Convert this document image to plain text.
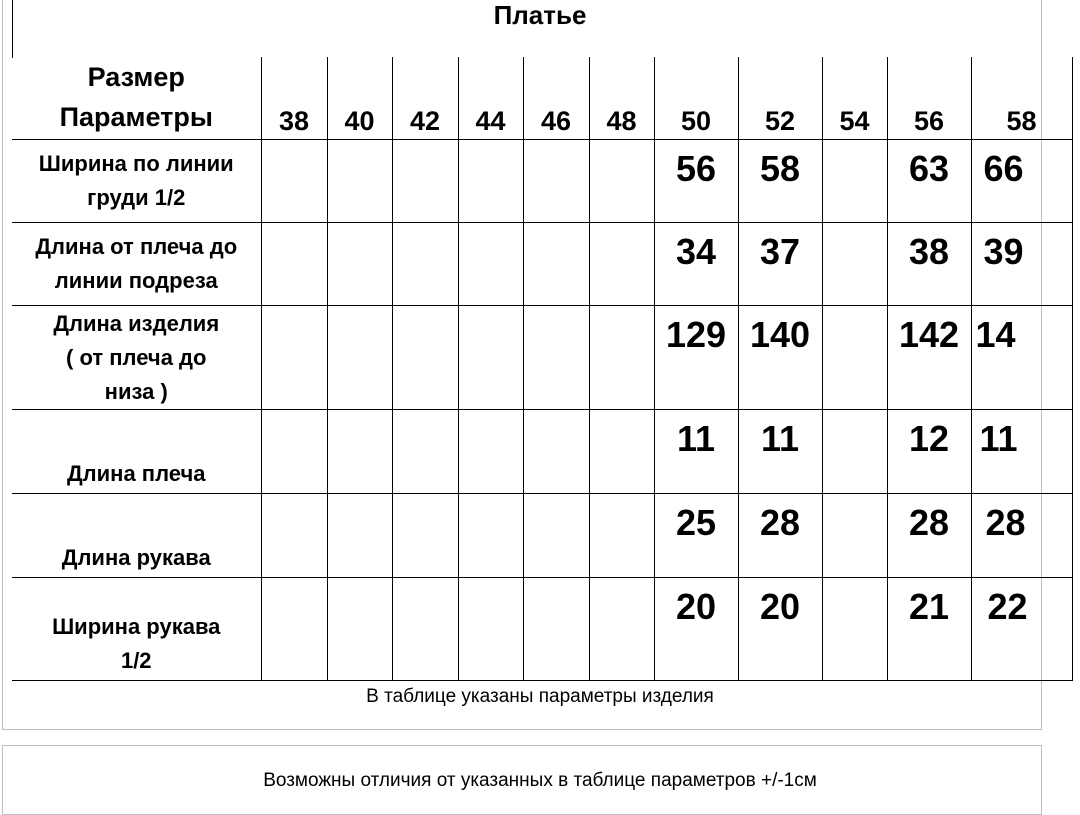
Платье
Размер
Параметры	38	40	42	44	46	48	50	52	54	56	58

Ширина по линии
груди 1/2							56	58		63	66

Длина от плеча до
линии подреза							34	37		38	39

Длина изделия
( от плеча до
низа )							129	140		142	14

Длина плеча							11	11		12	11

Длина рукава							25	28		28	28

Ширина рукава
1/2							20	20		21	22
В таблице указаны параметры изделия
Возможны отличия от указанных в таблице параметров +/-1см
